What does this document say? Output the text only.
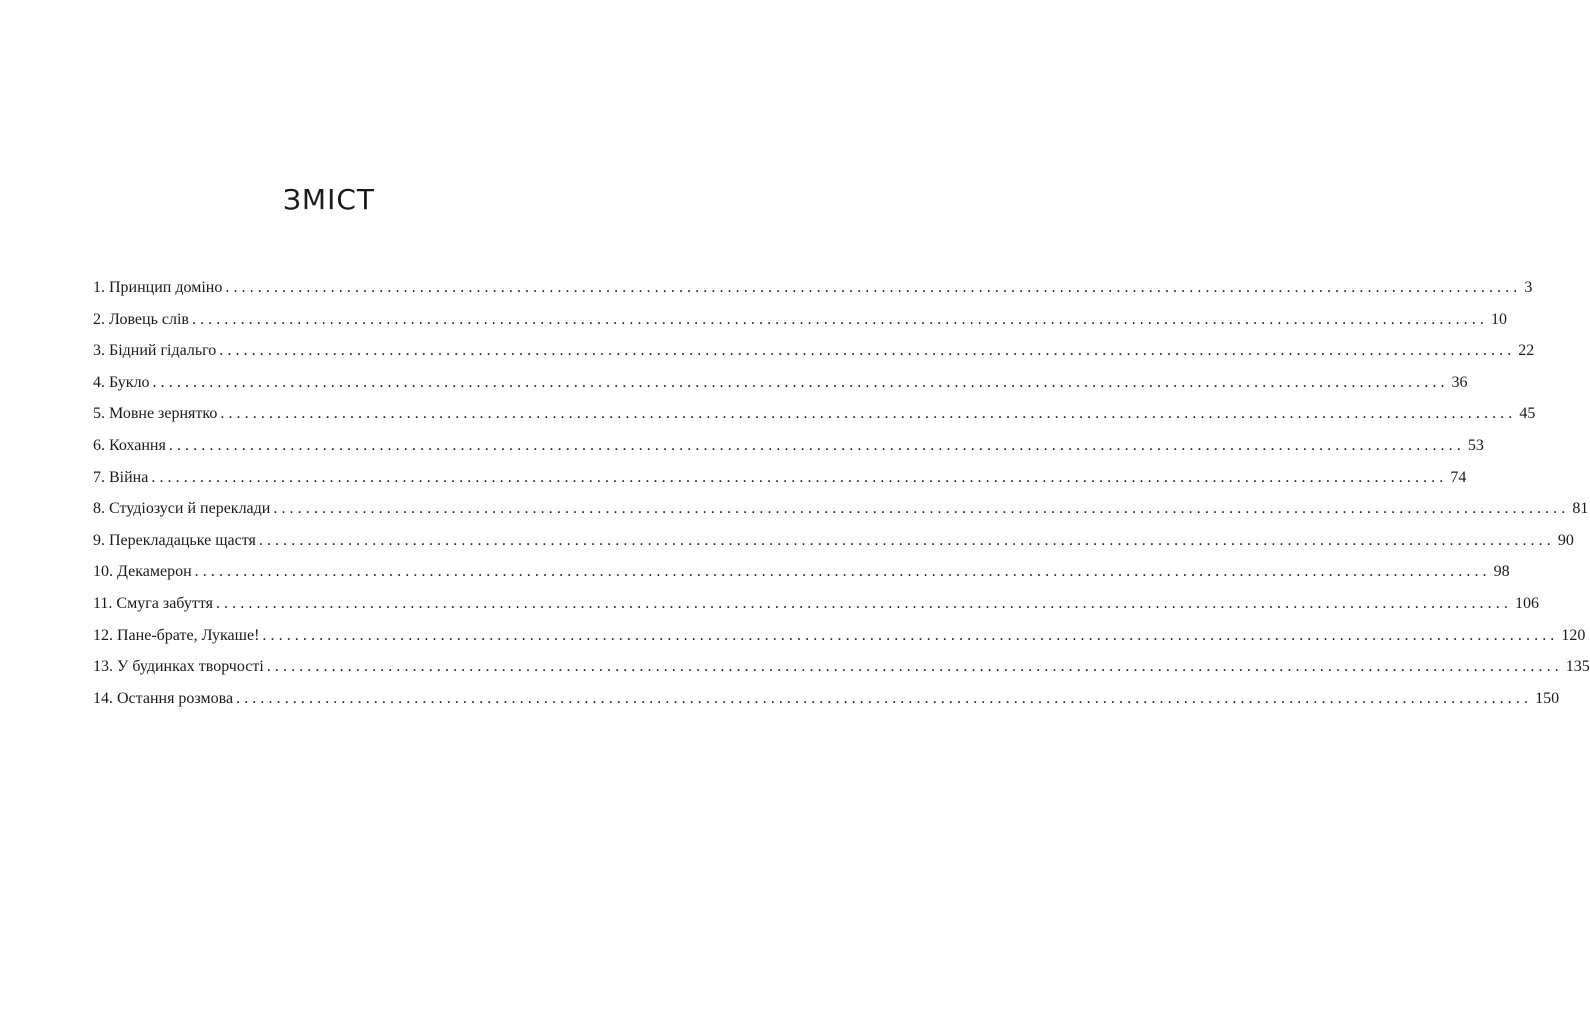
ЗМІСТ
1. Принцип доміно ................................................................................................................................................................ 3
2. Ловець слів ................................................................................................................................................................ 10
3. Бідний гідальго ................................................................................................................................................................ 22
4. Букло ................................................................................................................................................................ 36
5. Мовне зернятко ................................................................................................................................................................ 45
6. Кохання ................................................................................................................................................................ 53
7. Війна ................................................................................................................................................................ 74
8. Студіозуси й переклади ................................................................................................................................................................ 81
9. Перекладацьке щастя ................................................................................................................................................................ 90
10. Декамерон ................................................................................................................................................................ 98
11. Смуга забуття ................................................................................................................................................................ 106
12. Пане-брате, Лукаше! ................................................................................................................................................................ 120
13. У будинках творчості ................................................................................................................................................................ 135
14. Остання розмова ................................................................................................................................................................ 150
